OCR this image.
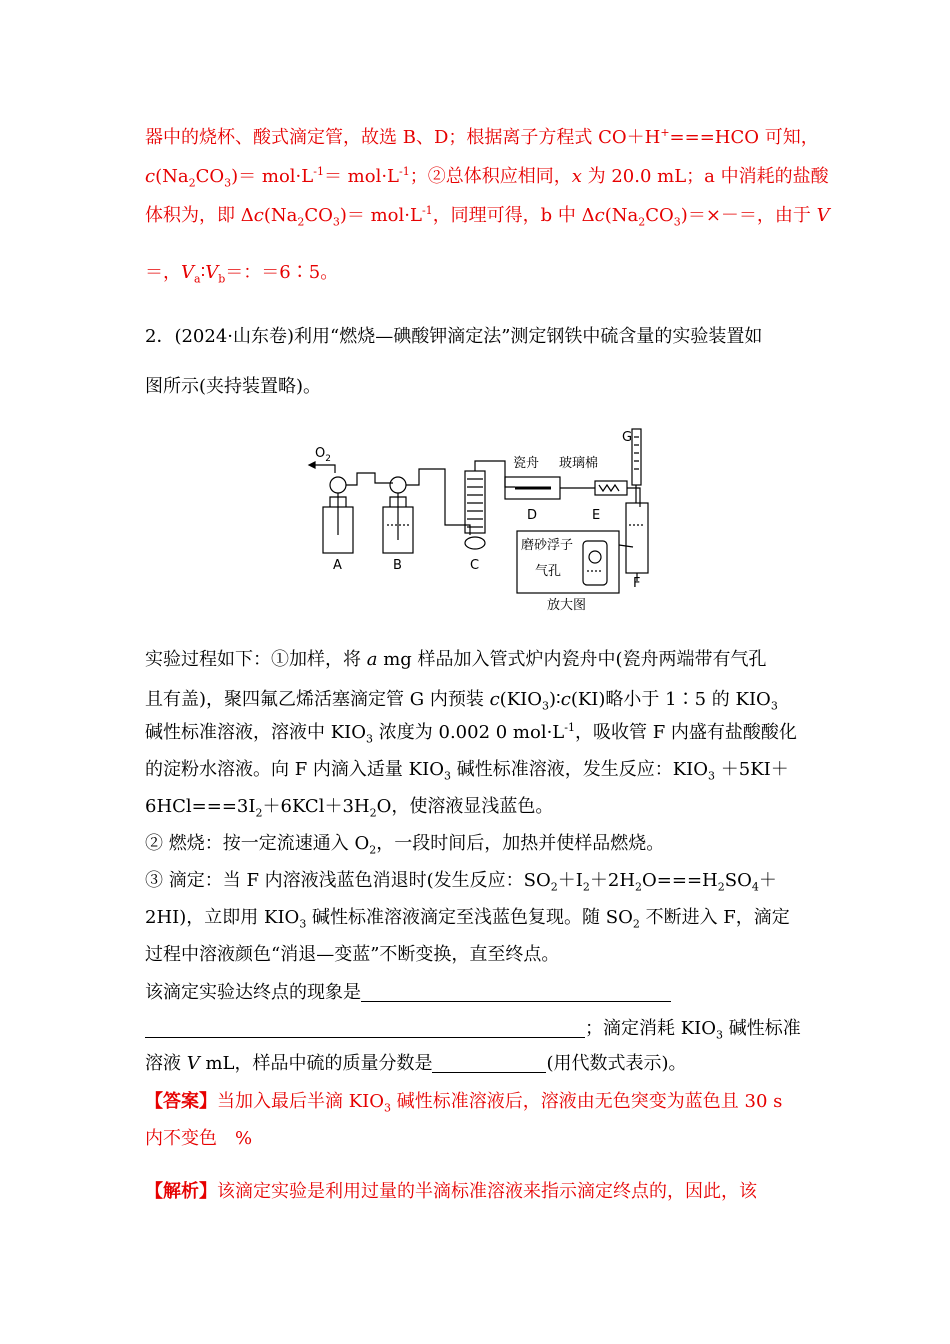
器中的烧杯、酸式滴定管，故选 B、D；根据离子方程式 CO＋H+===HCO 可知，
$c(Na_2CO_3)= mol\cdot L^{-1}= mol\cdot L^{-1}$；②总体积应相同，x 为 20.0 mL；a 中消耗的盐酸
体积为，即 $\Delta c(Na_2CO_3)= mol\cdot L^{-1}$，同理可得，b 中 $\Delta c(Na_2CO_3)=\times-=$，由于 V
＝，$V_a∶V_b=$：＝6∶5。
2．(2024·山东卷)利用“燃烧—碘酸钾滴定法”测定钢铁中硫含量的实验装置如
图所示(夹持装置略)。
实验过程如下：①加样，将 a mg 样品加入管式炉内瓷舟中(瓷舟两端带有气孔
且有盖)，聚四氟乙烯活塞滴定管 G 内预装 $c(KIO_3)∶c(KI)$略小于 1∶5 的 $KIO_3$
碱性标准溶液，溶液中 $KIO_3$ 浓度为 0.002 0 $mol\cdot L^{-1}$，吸收管 F 内盛有盐酸酸化
的淀粉水溶液。向 F 内滴入适量 $KIO_3$ 碱性标准溶液，发生反应：$KIO_3 +5KI+$
$6HCl===3I_2+6KCl+3H_2O$，使溶液显浅蓝色。
② 燃烧：按一定流速通入 $O_2$，一段时间后，加热并使样品燃烧。
③ 滴定：当 F 内溶液浅蓝色消退时(发生反应：$SO_2+I_2+2H_2O===H_2SO_4+$
2HI)，立即用 $KIO_3$ 碱性标准溶液滴定至浅蓝色复现。随 $SO_2$ 不断进入 F，滴定
过程中溶液颜色“消退—变蓝”不断变换，直至终点。
该滴定实验达终点的现象是
；滴定消耗 $KIO_3$ 碱性标准
溶液 V mL，样品中硫的质量分数是	(用代数式表示)。
【答案】当加入最后半滴 $KIO_3$ 碱性标准溶液后，溶液由无色突变为蓝色且 30 s
内不变色　%
【解析】该滴定实验是利用过量的半滴标准溶液来指示滴定终点的，因此，该
$O_2$
A	B	C
D	E
F
G
瓷舟 玻璃棉
磨砂浮子
气孔
放大图
